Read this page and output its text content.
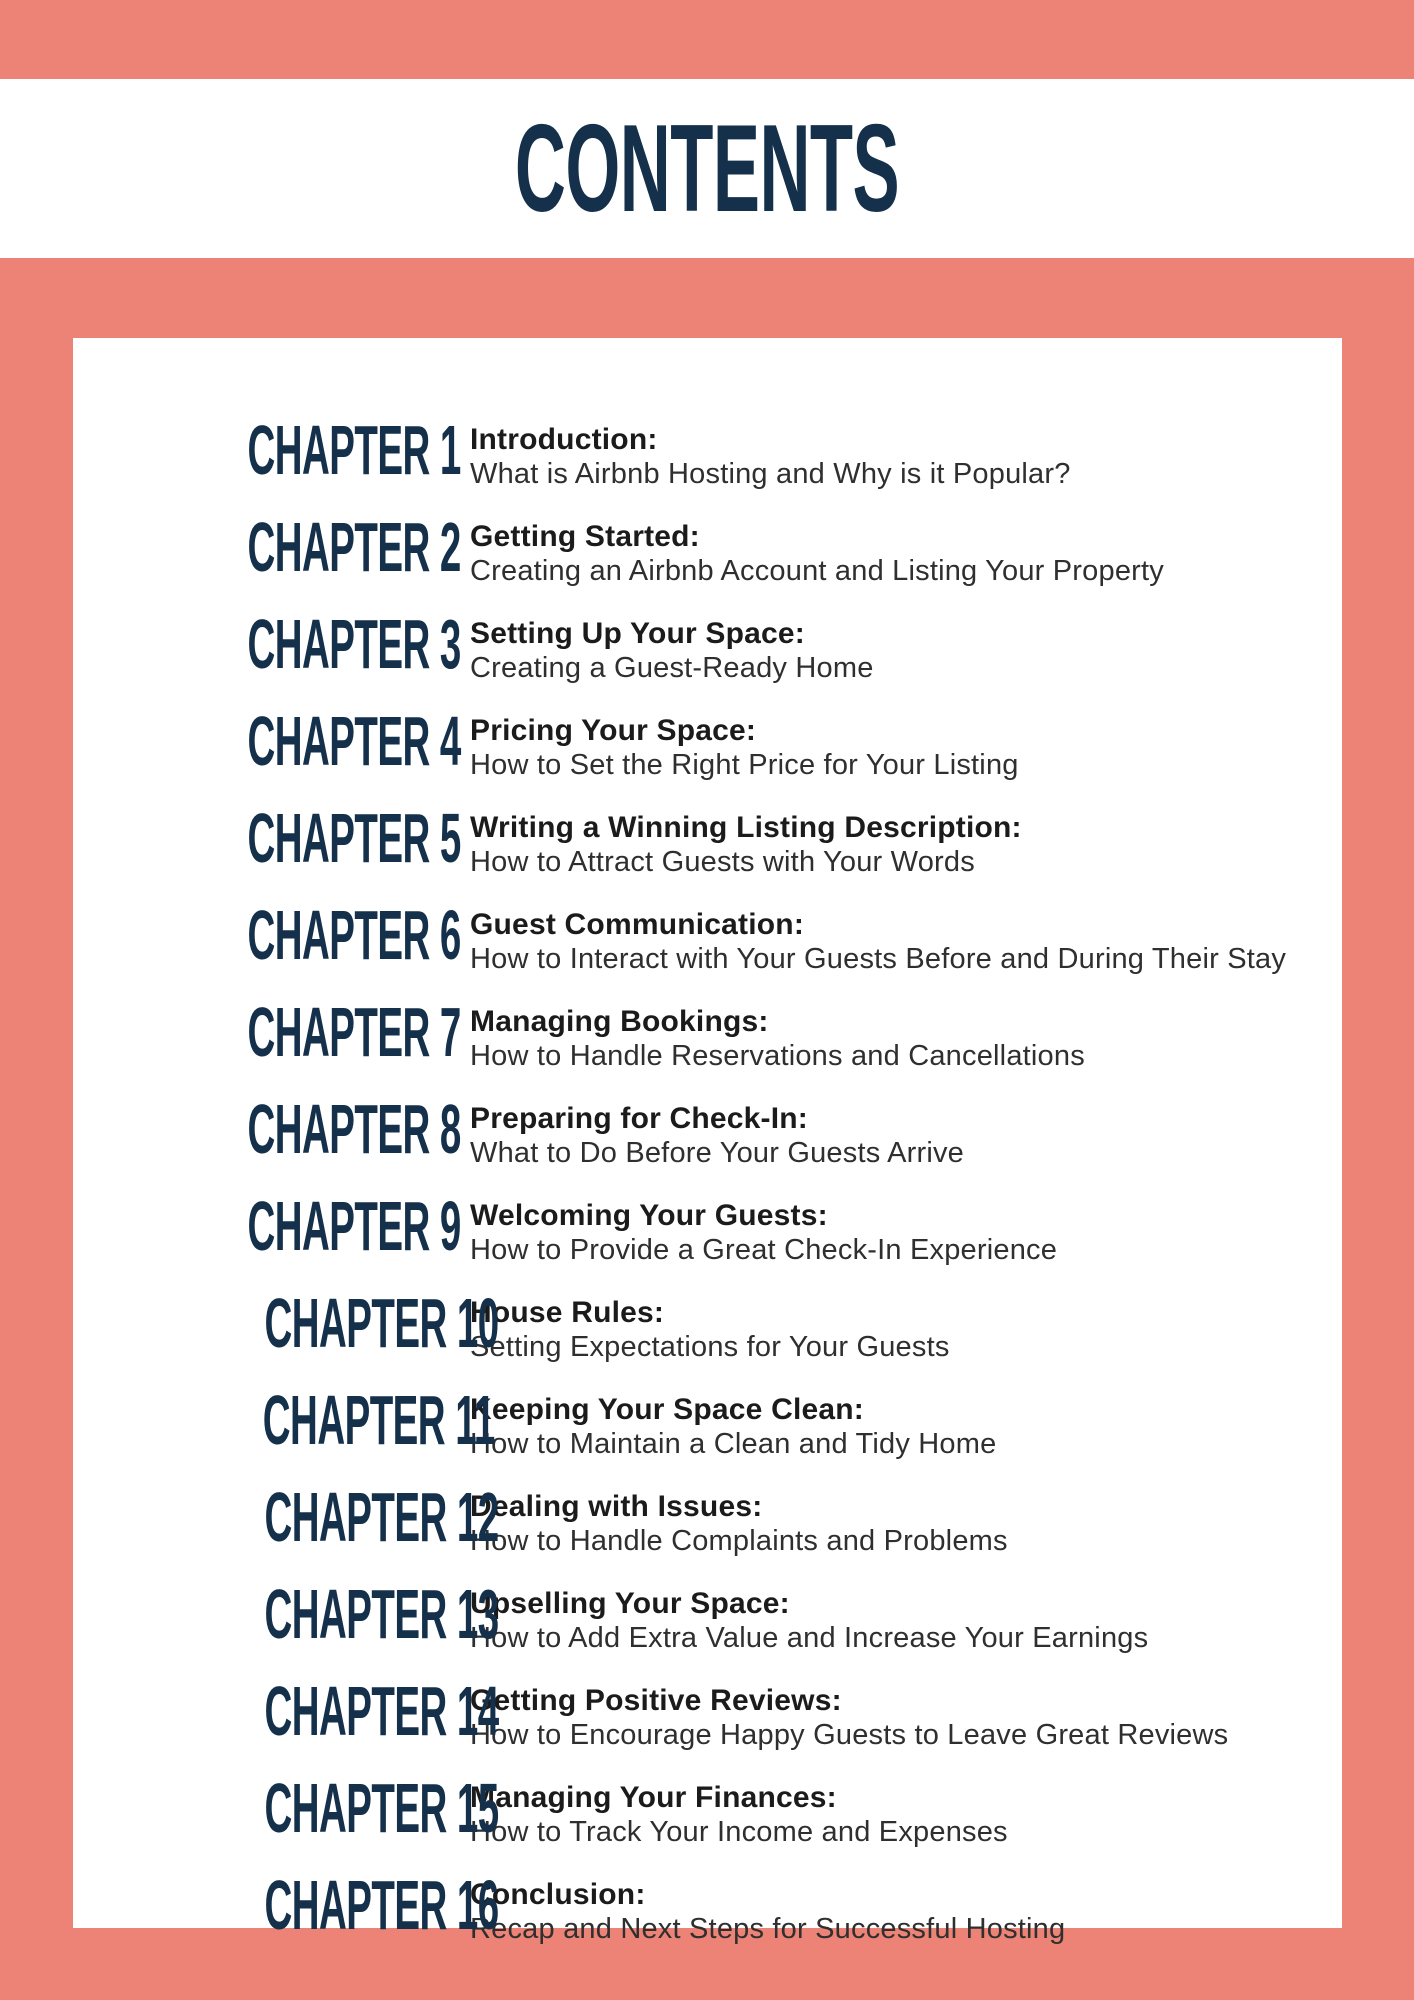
CONTENTS
CHAPTER 1 Introduction:
What is Airbnb Hosting and Why is it Popular?
CHAPTER 2 Getting Started:
Creating an Airbnb Account and Listing Your Property
CHAPTER 3 Setting Up Your Space:
Creating a Guest-Ready Home
CHAPTER 4 Pricing Your Space:
How to Set the Right Price for Your Listing
CHAPTER 5 Writing a Winning Listing Description:
How to Attract Guests with Your Words
CHAPTER 6 Guest Communication:
How to Interact with Your Guests Before and During Their Stay
CHAPTER 7 Managing Bookings:
How to Handle Reservations and Cancellations
CHAPTER 8 Preparing for Check-In:
What to Do Before Your Guests Arrive
CHAPTER 9 Welcoming Your Guests:
How to Provide a Great Check-In Experience
CHAPTER 10
House Rules:
Setting Expectations for Your Guests
CHAPTER 11
Keeping Your Space Clean:
How to Maintain a Clean and Tidy Home
CHAPTER 12
Dealing with Issues:
How to Handle Complaints and Problems
CHAPTER 13
Upselling Your Space:
How to Add Extra Value and Increase Your Earnings
CHAPTER 14
Getting Positive Reviews:
How to Encourage Happy Guests to Leave Great Reviews
CHAPTER 15
Managing Your Finances:
How to Track Your Income and Expenses
CHAPTER 16
Conclusion:
Recap and Next Steps for Successful Hosting
